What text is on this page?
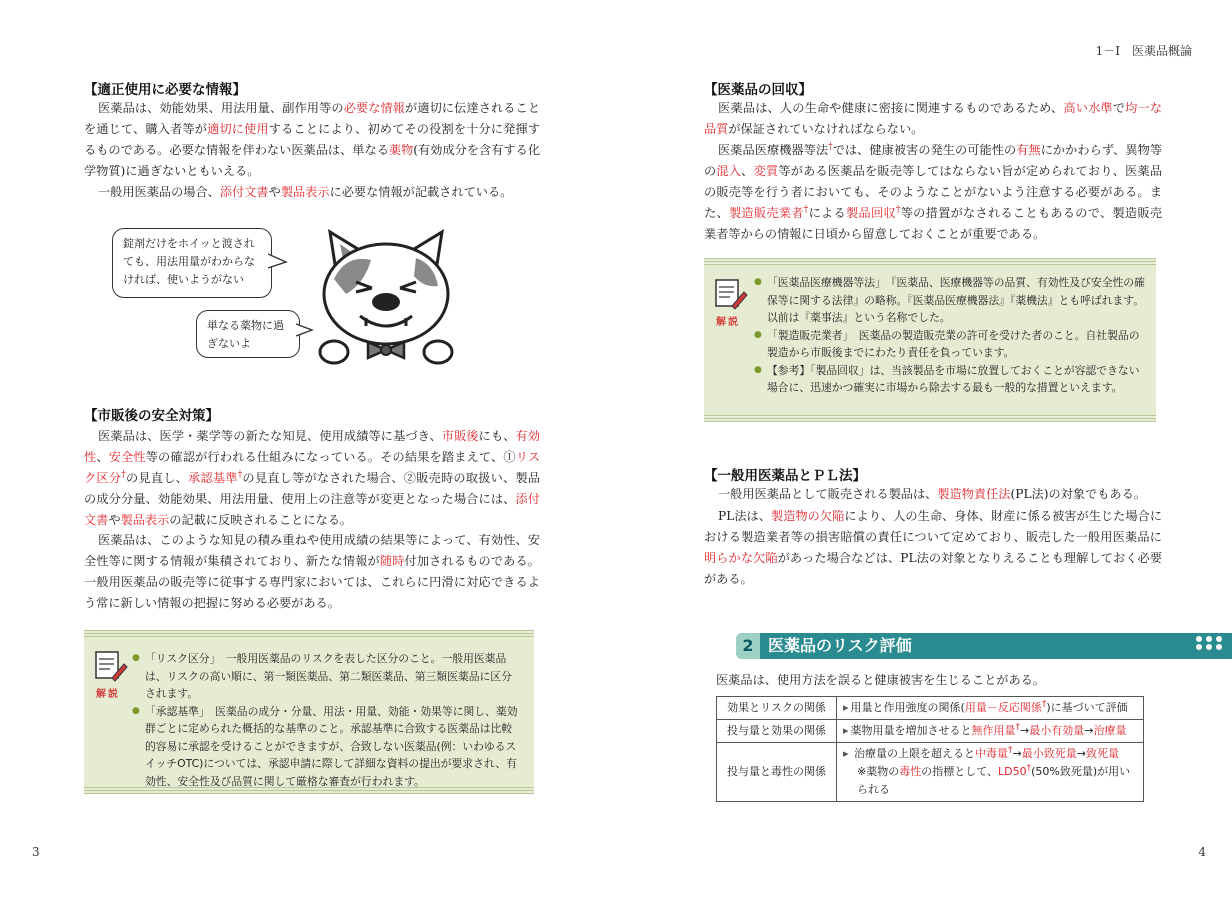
【適正使用に必要な情報】
医薬品は、効能効果、用法用量、副作用等の必要な情報が適切に伝達されることを通じて、購入者等が適切に使用することにより、初めてその役割を十分に発揮するものである。必要な情報を伴わない医薬品は、単なる薬物(有効成分を含有する化学物質)に過ぎないともいえる。
一般用医薬品の場合、添付文書や製品表示に必要な情報が記載されている。
錠剤だけをホイッと渡されても、用法用量がわからなければ、使いようがない
単なる薬物に過ぎないよ
【市販後の安全対策】
医薬品は、医学・薬学等の新たな知見、使用成績等に基づき、市販後にも、有効性、安全性等の確認が行われる仕組みになっている。その結果を踏まえて、①リスク区分†の見直し、承認基準†の見直し等がなされた場合、②販売時の取扱い、製品の成分分量、効能効果、用法用量、使用上の注意等が変更となった場合には、添付文書や製品表示の記載に反映されることになる。
医薬品は、このような知見の積み重ねや使用成績の結果等によって、有効性、安全性等に関する情報が集積されており、新たな情報が随時付加されるものである。一般用医薬品の販売等に従事する専門家においては、これらに円滑に対応できるよう常に新しい情報の把握に努める必要がある。
解説
● 「リスク区分」　一般用医薬品のリスクを表した区分のこと。一般用医薬品は、リスクの高い順に、第一類医薬品、第二類医薬品、第三類医薬品に区分されます。
● 「承認基準」　医薬品の成分・分量、用法・用量、効能・効果等に関し、薬効群ごとに定められた概括的な基準のこと。承認基準に合致する医薬品は比較的容易に承認を受けることができますが、合致しない医薬品(例：いわゆるスイッチOTC)については、承認申請に際して詳細な資料の提出が要求され、有効性、安全性及び品質に関して厳格な審査が行われます。
3
1－Ⅰ　医薬品概論
【医薬品の回収】
医薬品は、人の生命や健康に密接に関連するものであるため、高い水準で均一な品質が保証されていなければならない。
医薬品医療機器等法†では、健康被害の発生の可能性の有無にかかわらず、異物等の混入、変質等がある医薬品を販売等してはならない旨が定められており、医薬品の販売等を行う者においても、そのようなことがないよう注意する必要がある。また、製造販売業者†による製品回収†等の措置がなされることもあるので、製造販売業者等からの情報に日頃から留意しておくことが重要である。
解説
● 「医薬品医療機器等法」　『医薬品、医療機器等の品質、有効性及び安全性の確保等に関する法律』の略称。『医薬品医療機器法』『薬機法』とも呼ばれます。以前は『薬事法』という名称でした。
● 「製造販売業者」　医薬品の製造販売業の許可を受けた者のこと。自社製品の製造から市販後までにわたり責任を負っています。
● 【参考】「製品回収」は、当該製品を市場に放置しておくことが容認できない場合に、迅速かつ確実に市場から除去する最も一般的な措置といえます。
【一般用医薬品とＰＬ法】
一般用医薬品として販売される製品は、製造物責任法(PL法)の対象でもある。
PL法は、製造物の欠陥により、人の生命、身体、財産に係る被害が生じた場合における製造業者等の損害賠償の責任について定めており、販売した一般用医薬品に明らかな欠陥があった場合などは、PL法の対象となりえることも理解しておく必要がある。
2 医薬品のリスク評価
医薬品は、使用方法を誤ると健康被害を生じることがある。
効果とリスクの関係	▸ 用量と作用強度の関係(用量－反応関係†)に基づいて評価
投与量と効果の関係	▸ 薬物用量を増加させると無作用量†→最小有効量→治療量
投与量と毒性の関係	▸ 治療量の上限を超えると中毒量†→最小致死量→致死量
※薬物の毒性の指標として、LD50†(50%致死量)が用いられる
4
